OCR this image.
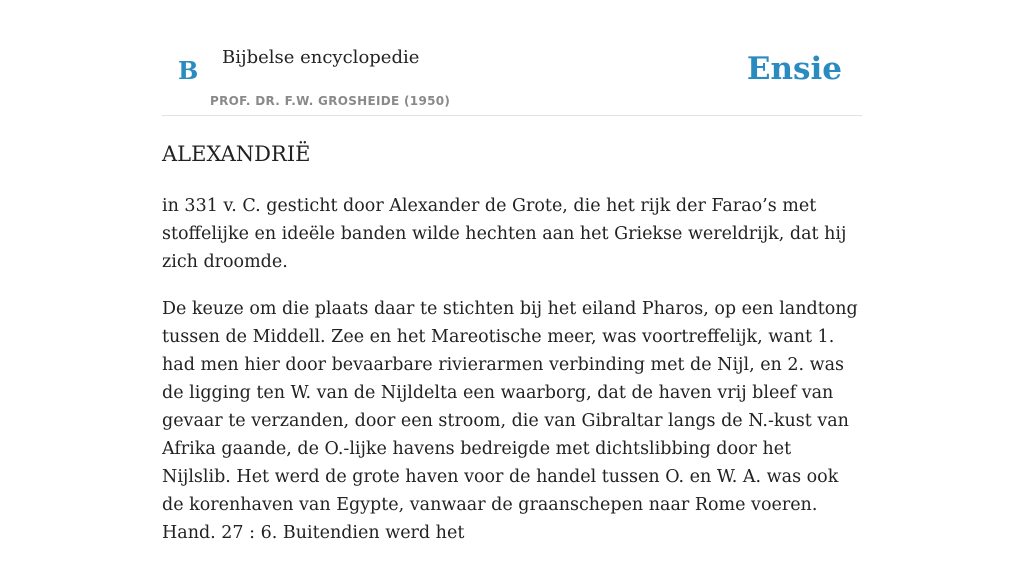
B Bijbelse encyclopedie
PROF. DR. F.W. GROSHEIDE (1950)
Ensie
ALEXANDRIË

in 331 v. C. gesticht door Alexander de Grote, die het rijk der Farao’s met stoffelijke en ideële banden wilde hechten aan het Griekse wereldrijk, dat hij zich droomde.

De keuze om die plaats daar te stichten bij het eiland Pharos, op een landtong tussen de Middell. Zee en het Mareotische meer, was voortreffelijk, want 1. had men hier door bevaarbare rivierarmen verbinding met de Nijl, en 2. was de ligging ten W. van de Nijldelta een waarborg, dat de haven vrij bleef van gevaar te verzanden, door een stroom, die van Gibraltar langs de N.-kust van Afrika gaande, de O.-lijke havens bedreigde met dichtslibbing door het Nijlslib. Het werd de grote haven voor de handel tussen O. en W. A. was ook de korenhaven van Egypte, vanwaar de graanschepen naar Rome voeren. Hand. 27 : 6. Buitendien werd het
